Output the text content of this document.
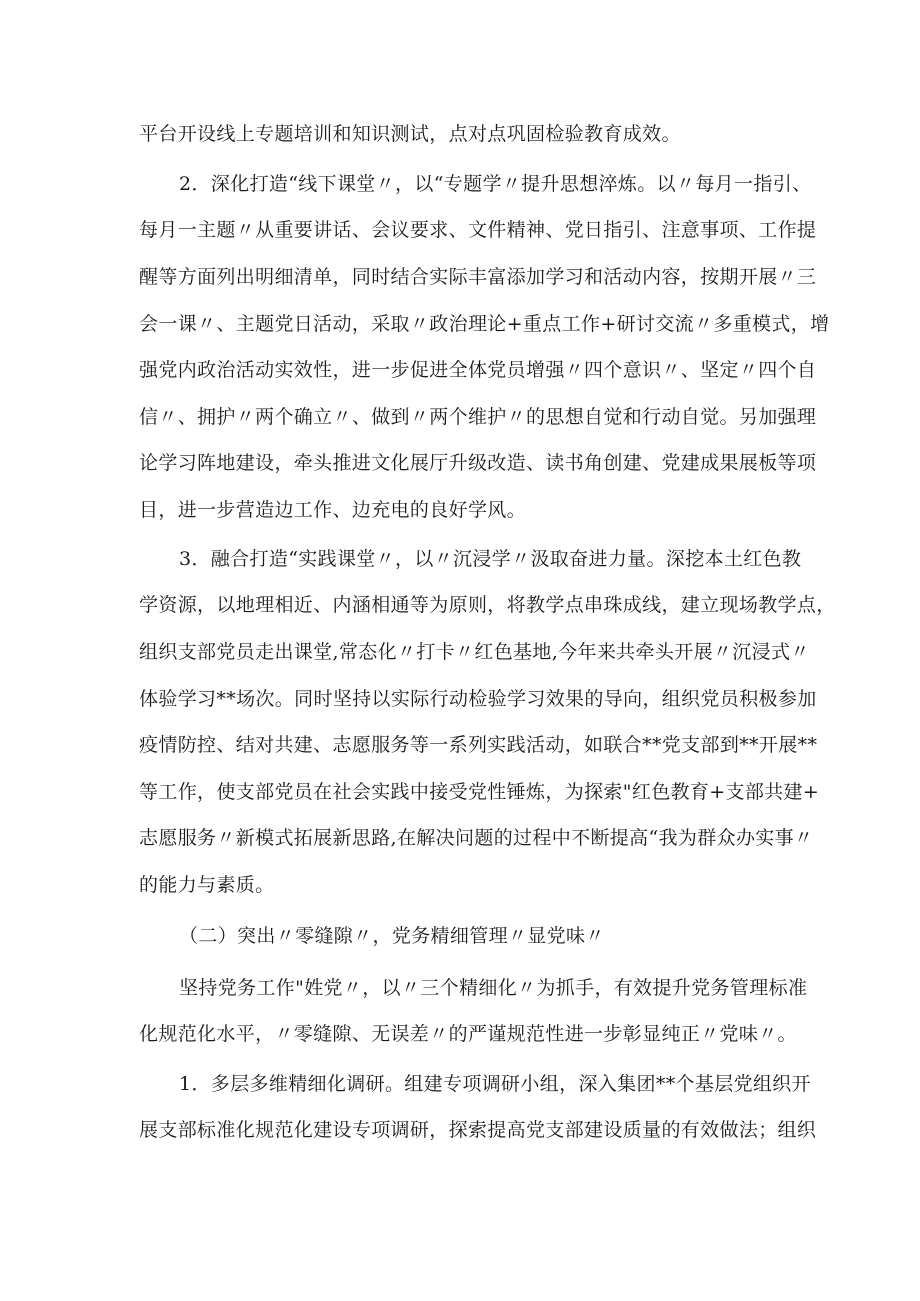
平台开设线上专题培训和知识测试，点对点巩固检验教育成效。
2．深化打造“线下课堂〃，以“专题学〃提升思想淬炼。以〃每月一指引、
每月一主题〃从重要讲话、会议要求、文件精神、党日指引、注意事项、工作提
醒等方面列出明细清单，同时结合实际丰富添加学习和活动内容，按期开展〃三
会一课〃、主题党日活动，采取〃政治理论+重点工作+研讨交流〃多重模式，增
强党内政治活动实效性，进一步促进全体党员增强〃四个意识〃、坚定〃四个自
信〃、拥护〃两个确立〃、做到〃两个维护〃的思想自觉和行动自觉。另加强理
论学习阵地建设，牵头推进文化展厅升级改造、读书角创建、党建成果展板等项
目，进一步营造边工作、边充电的良好学风。
3．融合打造“实践课堂〃，以〃沉浸学〃汲取奋进力量。深挖本土红色教
学资源，以地理相近、内涵相通等为原则，将教学点串珠成线，建立现场教学点，
组织支部党员走出课堂,常态化〃打卡〃红色基地,今年来共牵头开展〃沉浸式〃
体验学习**场次。同时坚持以实际行动检验学习效果的导向，组织党员积极参加
疫情防控、结对共建、志愿服务等一系列实践活动，如联合**党支部到**开展**
等工作，使支部党员在社会实践中接受党性锤炼，为探索"红色教育+支部共建+
志愿服务〃新模式拓展新思路,在解决问题的过程中不断提高“我为群众办实事〃
的能力与素质。
（二）突出〃零缝隙〃，党务精细管理〃显党味〃
坚持党务工作"姓党〃，以〃三个精细化〃为抓手，有效提升党务管理标准
化规范化水平，〃零缝隙、无误差〃的严谨规范性进一步彰显纯正〃党味〃。
1．多层多维精细化调研。组建专项调研小组，深入集团**个基层党组织开
展支部标准化规范化建设专项调研，探索提高党支部建设质量的有效做法；组织
